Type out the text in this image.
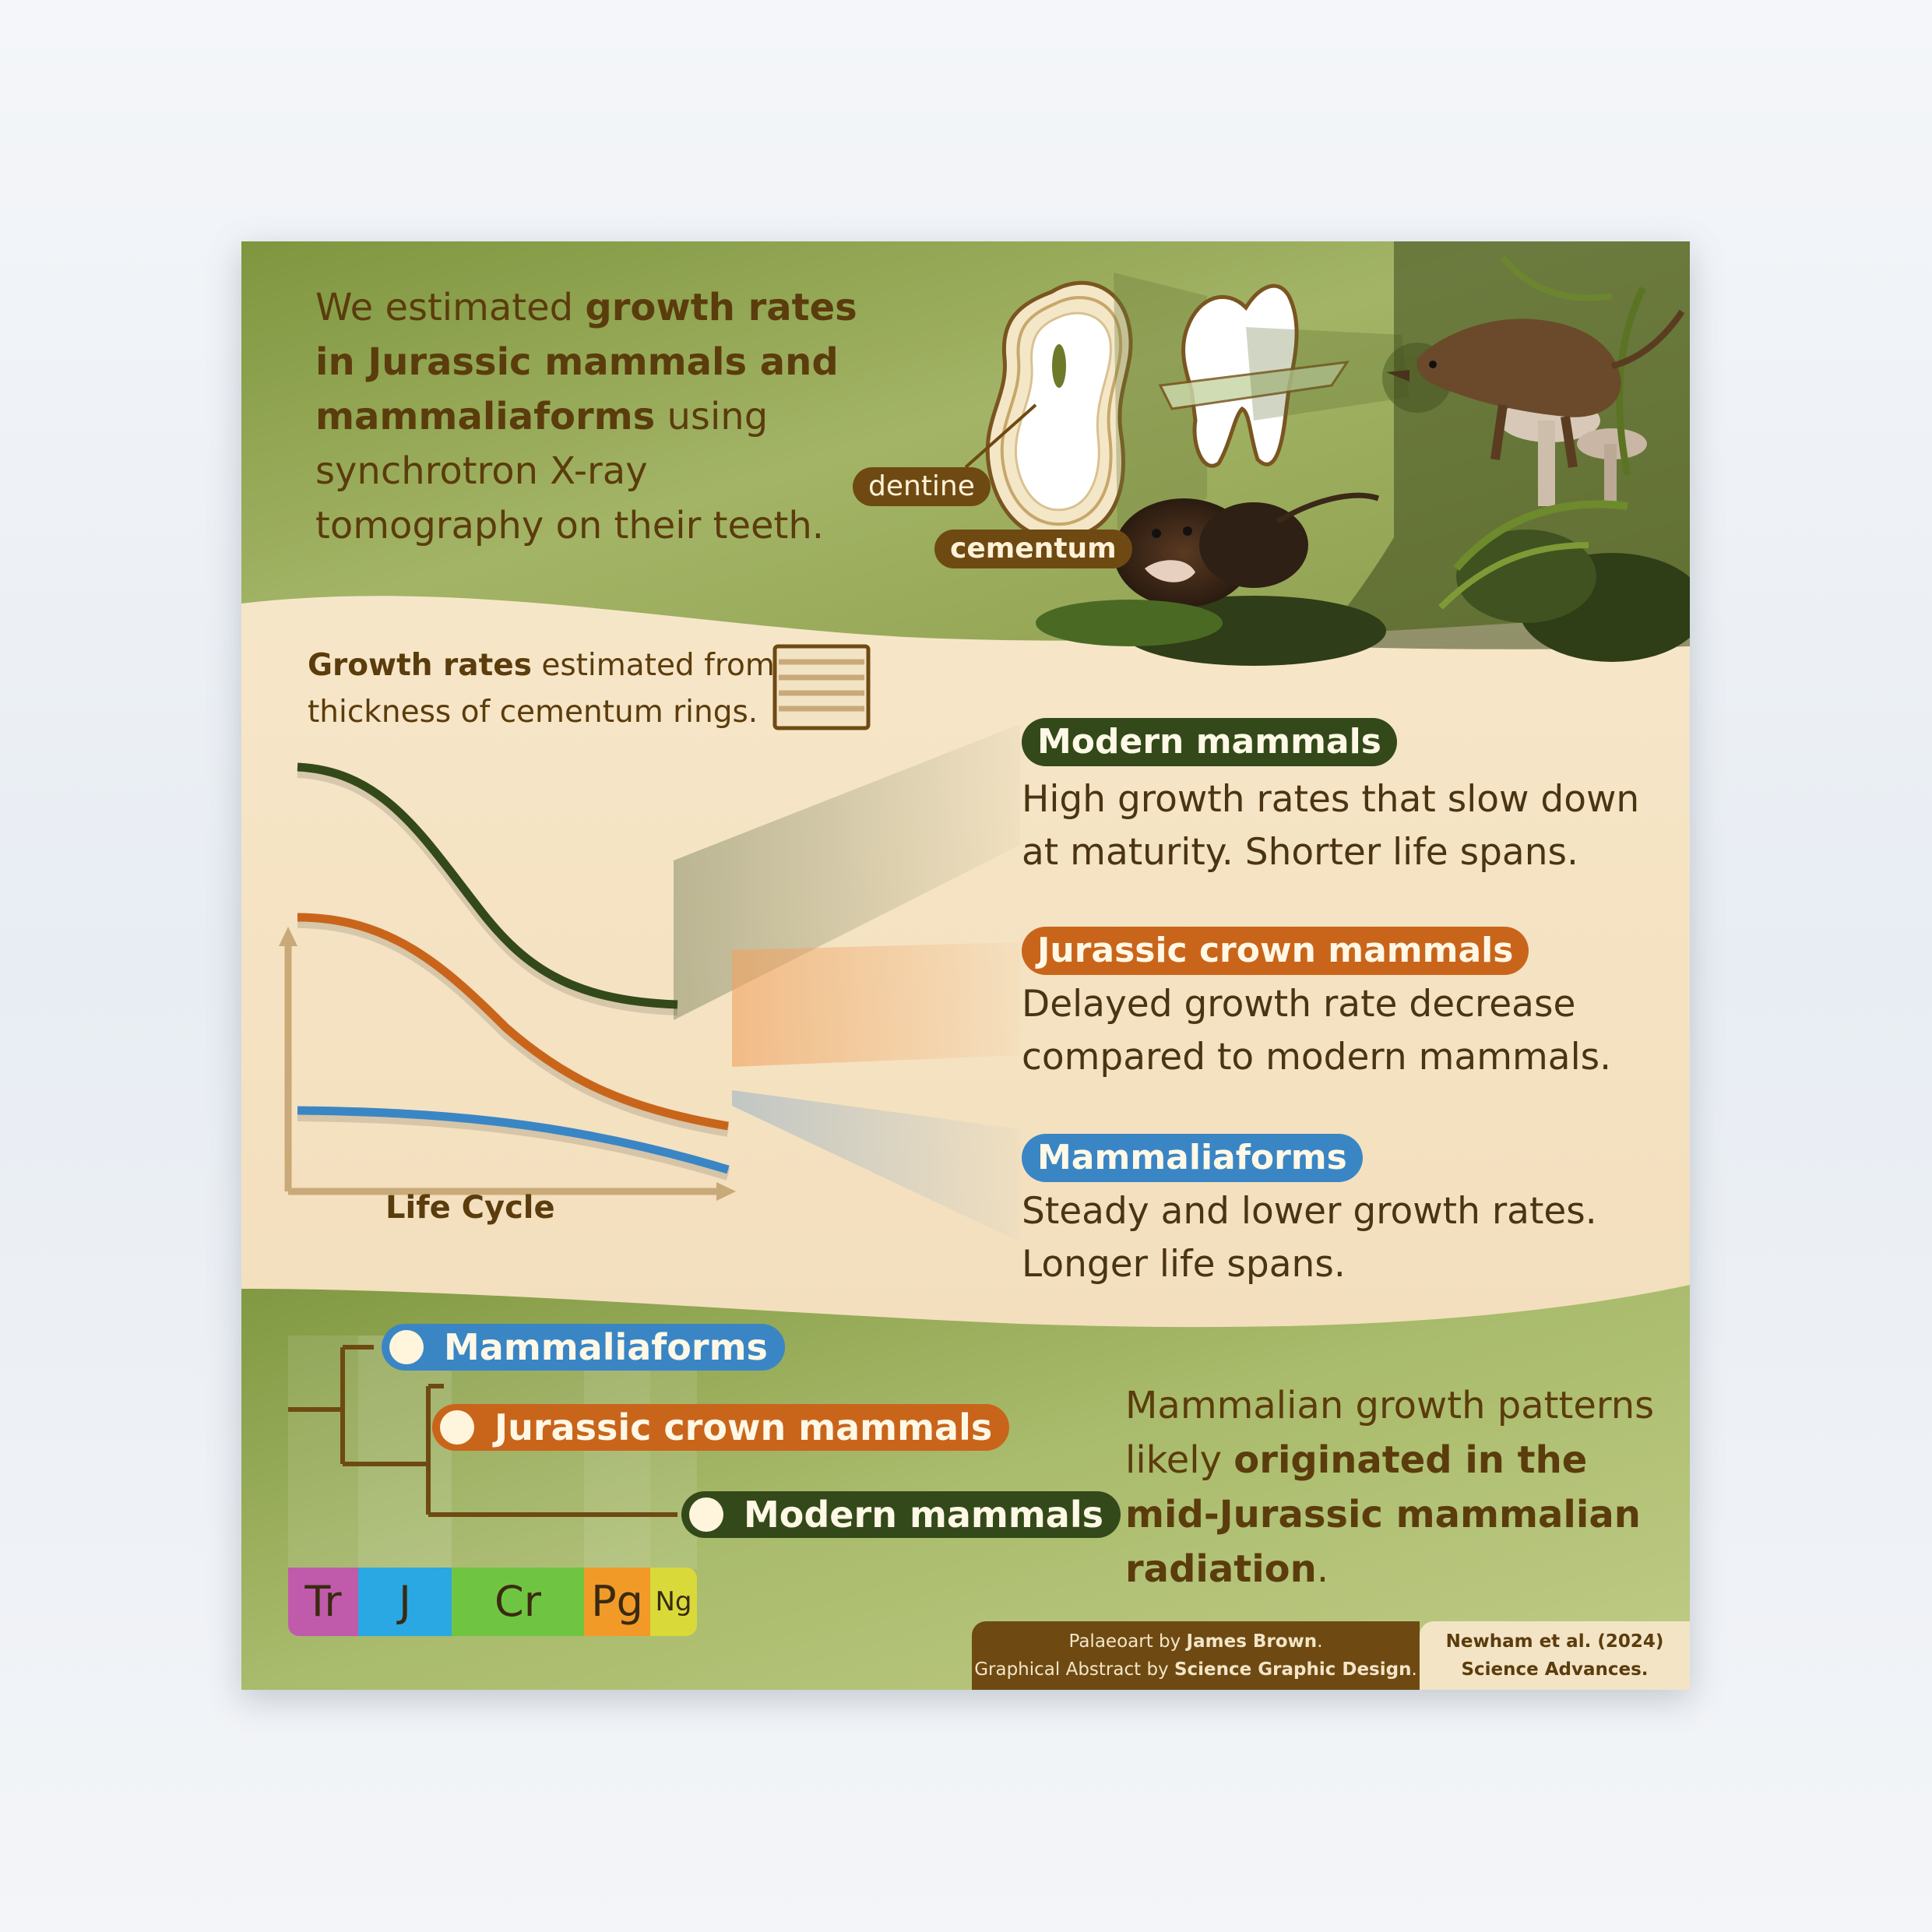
We estimated growth rates in Jurassic mammals and mammaliaforms using synchrotron X-ray tomography on their teeth.
dentine
cementum
Growth rates estimated from thickness of cementum rings.
Life Cycle
Modern mammals
High growth rates that slow down at maturity. Shorter life spans.
Jurassic crown mammals
Delayed growth rate decrease compared to modern mammals.
Mammaliaforms
Steady and lower growth rates. Longer life spans.
Mammaliaforms
Jurassic crown mammals
Modern mammals
Tr	J	Cr	Pg Ng
Mammalian growth patterns likely originated in the mid-Jurassic mammalian radiation.
Palaeoart by James Brown.
Graphical Abstract by Science Graphic Design.
Newham et al. (2024)
Science Advances.
